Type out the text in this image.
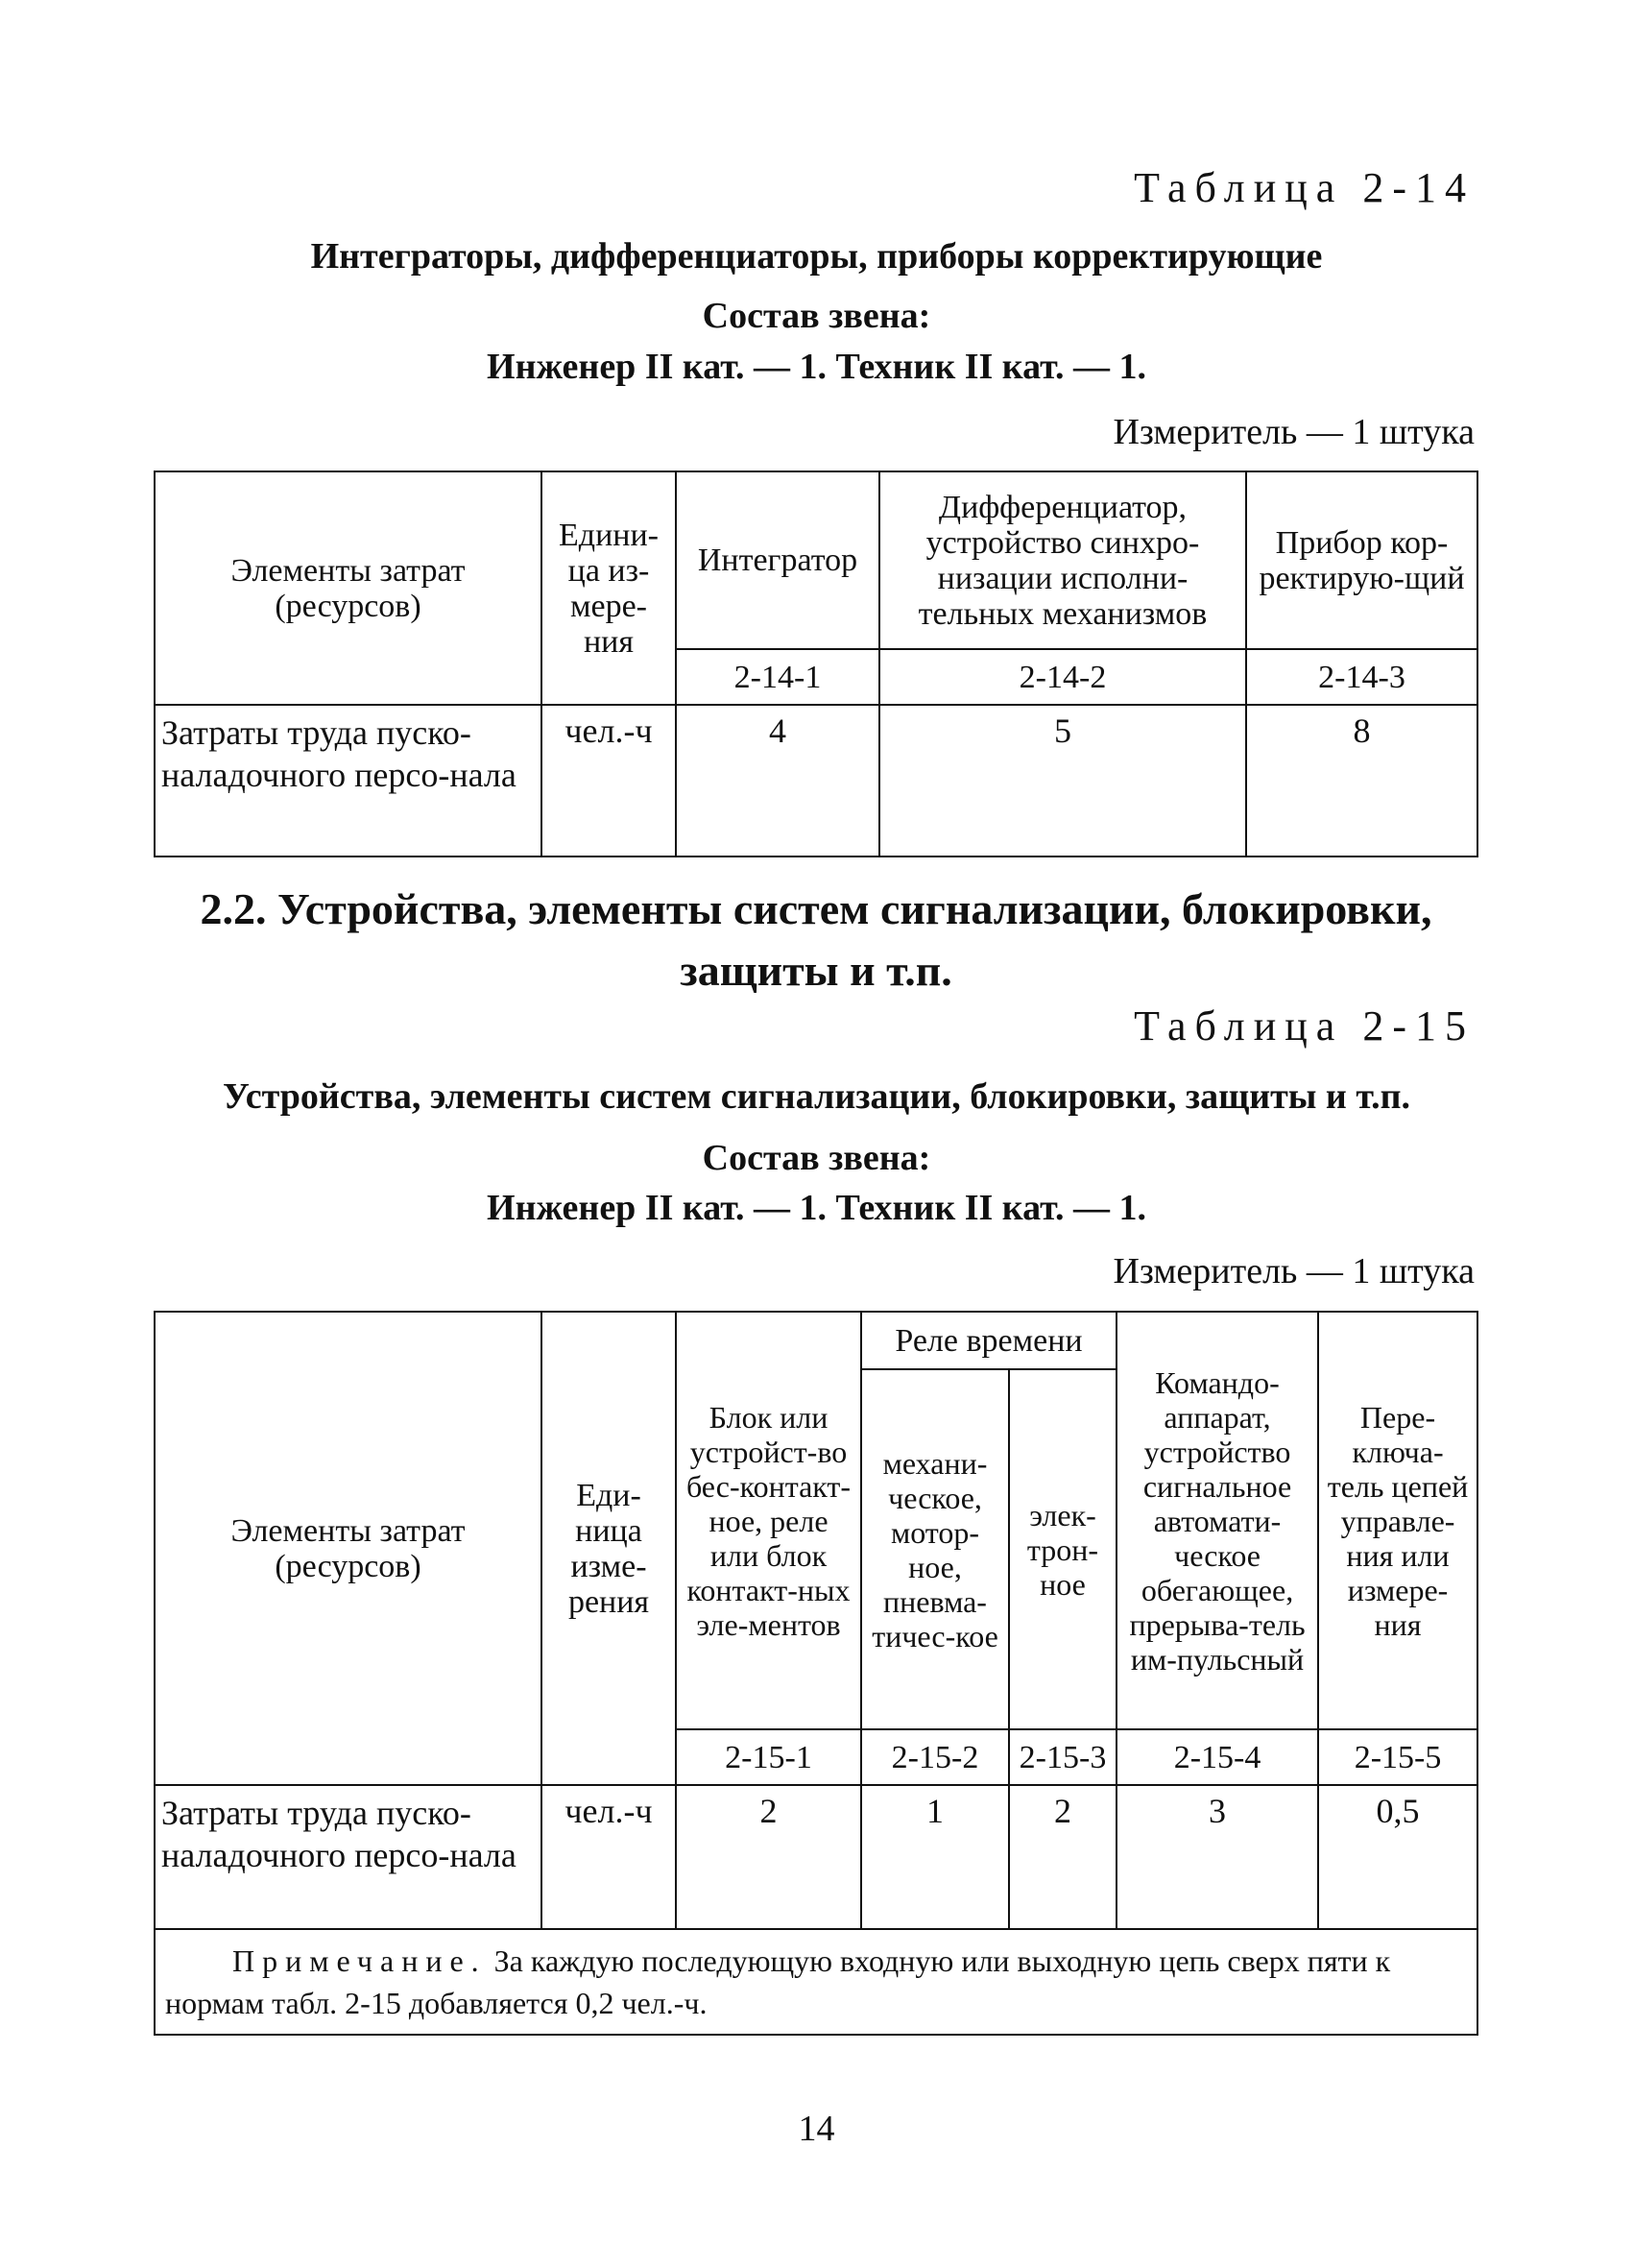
Таблица 2-14
Интеграторы, дифференциаторы, приборы корректирующие
Состав звена:
Инженер II кат. — 1. Техник II кат. — 1.
Измеритель — 1 штука
Элементы затрат (ресурсов)	Едини-ца из-мере-ния	Интегратор	Дифференциатор, устройство синхро-низации исполни-тельных механизмов	Прибор кор-ректирую-щий
		2-14-1	2-14-2	2-14-3
Затраты труда пуско-наладочного персо-нала	чел.-ч	4	5	8
2.2. Устройства, элементы систем сигнализации, блокировки, защиты и т.п.
Таблица 2-15
Устройства, элементы систем сигнализации, блокировки, защиты и т.п.
Состав звена:
Инженер II кат. — 1. Техник II кат. — 1.
Измеритель — 1 штука
Элементы затрат (ресурсов)	Еди-ница изме-рения	Блок или устройст-во бес-контакт-ное, реле или блок контакт-ных эле-ментов	Реле времени		Командо-аппарат, устройство сигнальное автомати-ческое обегающее, прерыва-тель им-пульсный	Пере-ключа-тель цепей управле-ния или измере-ния
			механи-ческое, мотор-ное, пневма-тичес-кое	элек-трон-ное		
		2-15-1	2-15-2	2-15-3	2-15-4	2-15-5
Затраты труда пуско-наладочного персо-нала	чел.-ч	2	1	2	3	0,5
Примечание. За каждую последующую входную или выходную цепь сверх пяти к нормам табл. 2-15 добавляется 0,2 чел.-ч.						
14
